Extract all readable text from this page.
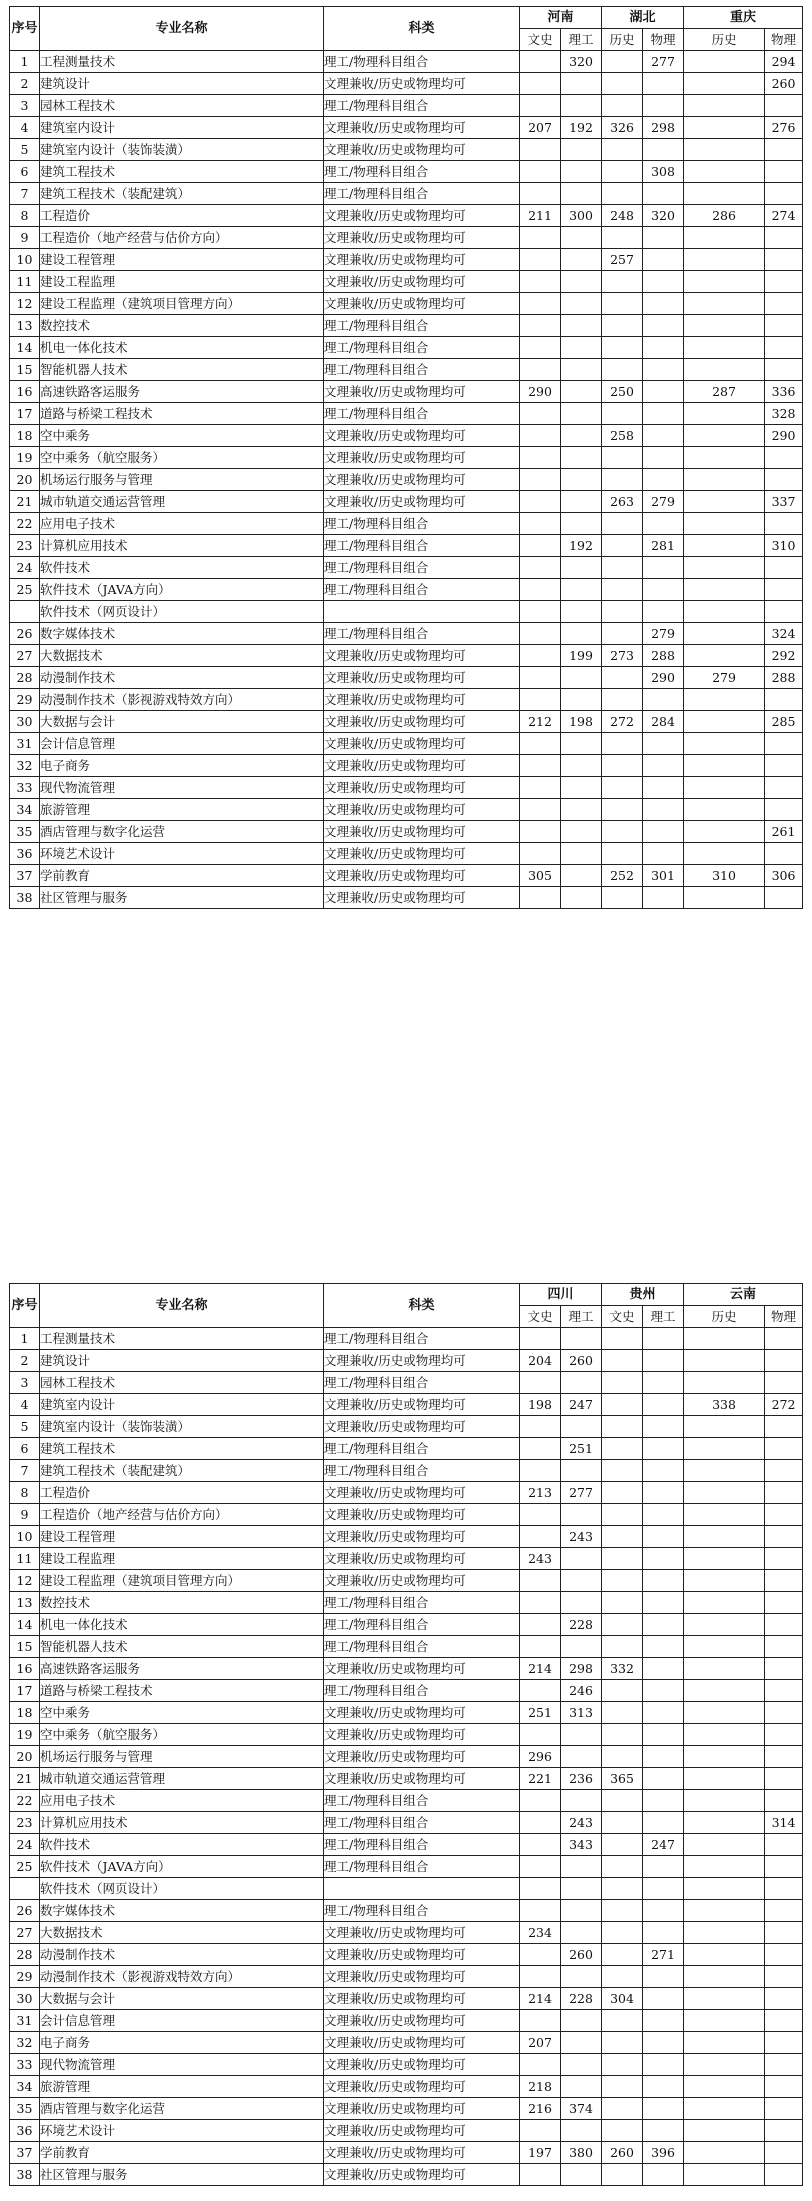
序号	专业名称	科类	河南		湖北		重庆	
			文史	理工	历史	物理	历史	物理
1	工程测量技术	理工/物理科目组合		320		277		294
2	建筑设计	文理兼收/历史或物理均可						260
3	园林工程技术	理工/物理科目组合						
4	建筑室内设计	文理兼收/历史或物理均可	207	192	326	298		276
5	建筑室内设计（装饰装潢）	文理兼收/历史或物理均可						
6	建筑工程技术	理工/物理科目组合				308		
7	建筑工程技术（装配建筑）	理工/物理科目组合						
8	工程造价	文理兼收/历史或物理均可	211	300	248	320	286	274
9	工程造价（地产经营与估价方向）	文理兼收/历史或物理均可						
10	建设工程管理	文理兼收/历史或物理均可			257			
11	建设工程监理	文理兼收/历史或物理均可						
12	建设工程监理（建筑项目管理方向）	文理兼收/历史或物理均可						
13	数控技术	理工/物理科目组合						
14	机电一体化技术	理工/物理科目组合						
15	智能机器人技术	理工/物理科目组合						
16	高速铁路客运服务	文理兼收/历史或物理均可	290		250		287	336
17	道路与桥梁工程技术	理工/物理科目组合						328
18	空中乘务	文理兼收/历史或物理均可			258			290
19	空中乘务（航空服务）	文理兼收/历史或物理均可						
20	机场运行服务与管理	文理兼收/历史或物理均可						
21	城市轨道交通运营管理	文理兼收/历史或物理均可			263	279		337
22	应用电子技术	理工/物理科目组合						
23	计算机应用技术	理工/物理科目组合		192		281		310
24	软件技术	理工/物理科目组合						
25	软件技术（JAVA方向）	理工/物理科目组合						
	软件技术（网页设计）							
26	数字媒体技术	理工/物理科目组合				279		324
27	大数据技术	文理兼收/历史或物理均可		199	273	288		292
28	动漫制作技术	文理兼收/历史或物理均可				290	279	288
29	动漫制作技术（影视游戏特效方向）	文理兼收/历史或物理均可						
30	大数据与会计	文理兼收/历史或物理均可	212	198	272	284		285
31	会计信息管理	文理兼收/历史或物理均可						
32	电子商务	文理兼收/历史或物理均可						
33	现代物流管理	文理兼收/历史或物理均可						
34	旅游管理	文理兼收/历史或物理均可						
35	酒店管理与数字化运营	文理兼收/历史或物理均可						261
36	环境艺术设计	文理兼收/历史或物理均可						
37	学前教育	文理兼收/历史或物理均可	305		252	301	310	306
38	社区管理与服务	文理兼收/历史或物理均可						
序号	专业名称	科类	四川		贵州		云南	
			文史	理工	文史	理工	历史	物理
1	工程测量技术	理工/物理科目组合						
2	建筑设计	文理兼收/历史或物理均可	204	260				
3	园林工程技术	理工/物理科目组合						
4	建筑室内设计	文理兼收/历史或物理均可	198	247			338	272
5	建筑室内设计（装饰装潢）	文理兼收/历史或物理均可						
6	建筑工程技术	理工/物理科目组合		251				
7	建筑工程技术（装配建筑）	理工/物理科目组合						
8	工程造价	文理兼收/历史或物理均可	213	277				
9	工程造价（地产经营与估价方向）	文理兼收/历史或物理均可						
10	建设工程管理	文理兼收/历史或物理均可		243				
11	建设工程监理	文理兼收/历史或物理均可	243					
12	建设工程监理（建筑项目管理方向）	文理兼收/历史或物理均可						
13	数控技术	理工/物理科目组合						
14	机电一体化技术	理工/物理科目组合		228				
15	智能机器人技术	理工/物理科目组合						
16	高速铁路客运服务	文理兼收/历史或物理均可	214	298	332			
17	道路与桥梁工程技术	理工/物理科目组合		246				
18	空中乘务	文理兼收/历史或物理均可	251	313				
19	空中乘务（航空服务）	文理兼收/历史或物理均可						
20	机场运行服务与管理	文理兼收/历史或物理均可	296					
21	城市轨道交通运营管理	文理兼收/历史或物理均可	221	236	365			
22	应用电子技术	理工/物理科目组合						
23	计算机应用技术	理工/物理科目组合		243				314
24	软件技术	理工/物理科目组合		343		247		
25	软件技术（JAVA方向）	理工/物理科目组合						
	软件技术（网页设计）							
26	数字媒体技术	理工/物理科目组合						
27	大数据技术	文理兼收/历史或物理均可	234					
28	动漫制作技术	文理兼收/历史或物理均可		260		271		
29	动漫制作技术（影视游戏特效方向）	文理兼收/历史或物理均可						
30	大数据与会计	文理兼收/历史或物理均可	214	228	304			
31	会计信息管理	文理兼收/历史或物理均可						
32	电子商务	文理兼收/历史或物理均可	207					
33	现代物流管理	文理兼收/历史或物理均可						
34	旅游管理	文理兼收/历史或物理均可	218					
35	酒店管理与数字化运营	文理兼收/历史或物理均可	216	374				
36	环境艺术设计	文理兼收/历史或物理均可						
37	学前教育	文理兼收/历史或物理均可	197	380	260	396		
38	社区管理与服务	文理兼收/历史或物理均可						
